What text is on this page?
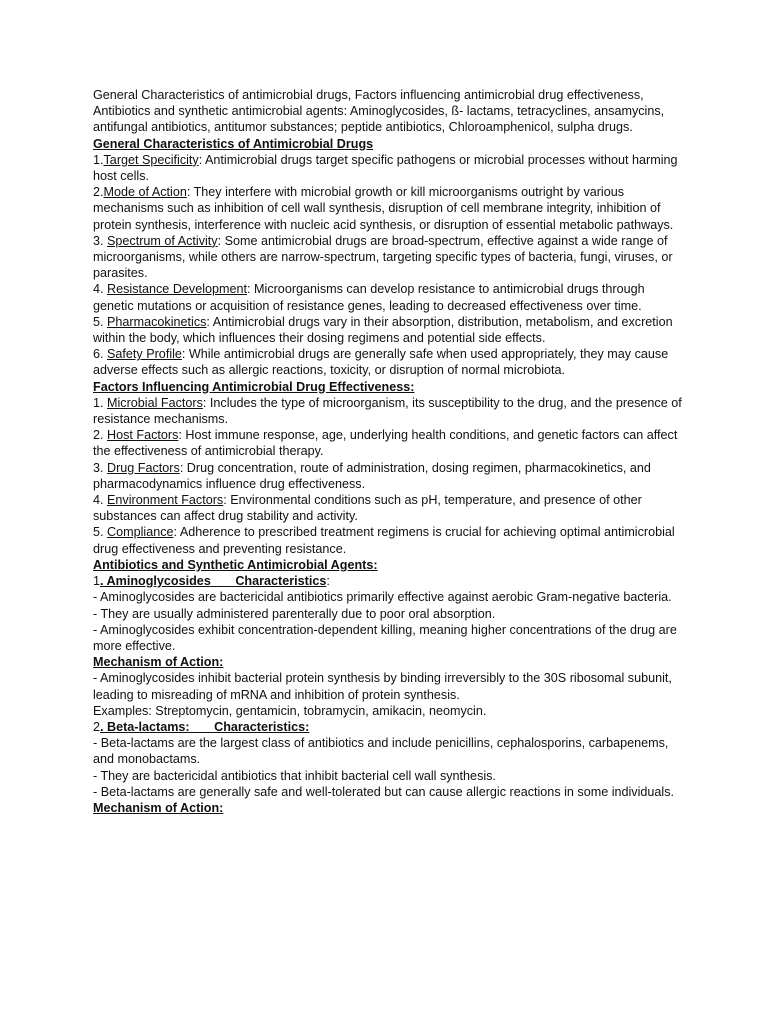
General Characteristics of antimicrobial drugs, Factors influencing antimicrobial drug effectiveness, Antibiotics and synthetic antimicrobial agents: Aminoglycosides, ß- lactams, tetracyclines, ansamycins, antifungal antibiotics, antitumor substances; peptide antibiotics, Chloroamphenicol, sulpha drugs.

General Characteristics of Antimicrobial Drugs

1.Target Specificity: Antimicrobial drugs target specific pathogens or microbial processes without harming host cells.

2.Mode of Action: They interfere with microbial growth or kill microorganisms outright by various mechanisms such as inhibition of cell wall synthesis, disruption of cell membrane integrity, inhibition of protein synthesis, interference with nucleic acid synthesis, or disruption of essential metabolic pathways.

3. Spectrum of Activity: Some antimicrobial drugs are broad-spectrum, effective against a wide range of microorganisms, while others are narrow-spectrum, targeting specific types of bacteria, fungi, viruses, or parasites.

4. Resistance Development: Microorganisms can develop resistance to antimicrobial drugs through genetic mutations or acquisition of resistance genes, leading to decreased effectiveness over time.

5. Pharmacokinetics: Antimicrobial drugs vary in their absorption, distribution, metabolism, and excretion within the body, which influences their dosing regimens and potential side effects.

6. Safety Profile: While antimicrobial drugs are generally safe when used appropriately, they may cause adverse effects such as allergic reactions, toxicity, or disruption of normal microbiota.

Factors Influencing Antimicrobial Drug Effectiveness:

1. Microbial Factors: Includes the type of microorganism, its susceptibility to the drug, and the presence of resistance mechanisms.

2. Host Factors: Host immune response, age, underlying health conditions, and genetic factors can affect the effectiveness of antimicrobial therapy.

3. Drug Factors: Drug concentration, route of administration, dosing regimen, pharmacokinetics, and pharmacodynamics influence drug effectiveness.

4. Environment Factors: Environmental conditions such as pH, temperature, and presence of other substances can affect drug stability and activity.

5. Compliance: Adherence to prescribed treatment regimens is crucial for achieving optimal antimicrobial drug effectiveness and preventing resistance.

Antibiotics and Synthetic Antimicrobial Agents:

1. Aminoglycosides Characteristics:

- Aminoglycosides are bactericidal antibiotics primarily effective against aerobic Gram-negative bacteria.

- They are usually administered parenterally due to poor oral absorption.

- Aminoglycosides exhibit concentration-dependent killing, meaning higher concentrations of the drug are more effective.

Mechanism of Action:

- Aminoglycosides inhibit bacterial protein synthesis by binding irreversibly to the 30S ribosomal subunit, leading to misreading of mRNA and inhibition of protein synthesis.

Examples: Streptomycin, gentamicin, tobramycin, amikacin, neomycin.

2. Beta-lactams: Characteristics:

- Beta-lactams are the largest class of antibiotics and include penicillins, cephalosporins, carbapenems, and monobactams.

- They are bactericidal antibiotics that inhibit bacterial cell wall synthesis.

- Beta-lactams are generally safe and well-tolerated but can cause allergic reactions in some individuals.

Mechanism of Action:
